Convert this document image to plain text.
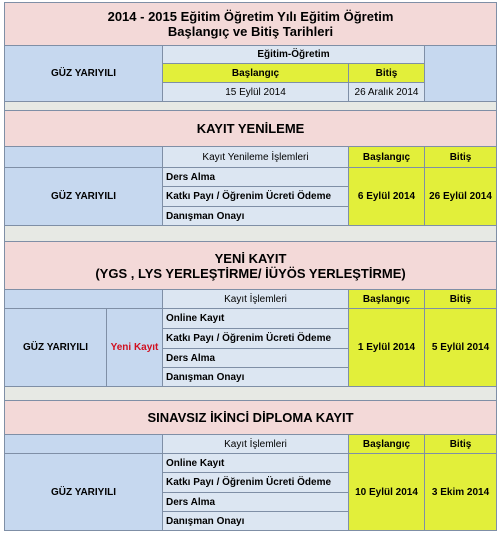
2014 - 2015 Eğitim Öğretim Yılı Eğitim Öğretim
Başlangıç ve Bitiş Tarihleri				

GÜZ YARIYILI		Eğitim-Öğretim		
		Başlangıç	Bitiş	
		15 Eylül 2014	26 Aralık 2014	

KAYIT YENİLEME				
		Kayıt Yenileme İşlemleri	Başlangıç	Bitiş
GÜZ YARIYILI		Ders Alma	6 Eylül 2014	26 Eylül 2014
		Katkı Payı / Öğrenim Ücreti Ödeme		
		Danışman Onayı		

YENİ KAYIT
(YGS , LYS YERLEŞTİRME/ İÜYÖS YERLEŞTİRME)				

		Kayıt İşlemleri	Başlangıç	Bitiş
GÜZ YARIYILI	Yeni Kayıt	Online Kayıt	1 Eylül 2014	5 Eylül 2014
		Katkı Payı / Öğrenim Ücreti Ödeme		
		Ders Alma		
		Danışman Onayı		

SINAVSIZ İKİNCİ DİPLOMA KAYIT				
		Kayıt İşlemleri	Başlangıç	Bitiş
GÜZ YARIYILI		Online Kayıt	10 Eylül 2014	3 Ekim 2014
		Katkı Payı / Öğrenim Ücreti Ödeme		
		Ders Alma		
		Danışman Onayı		
